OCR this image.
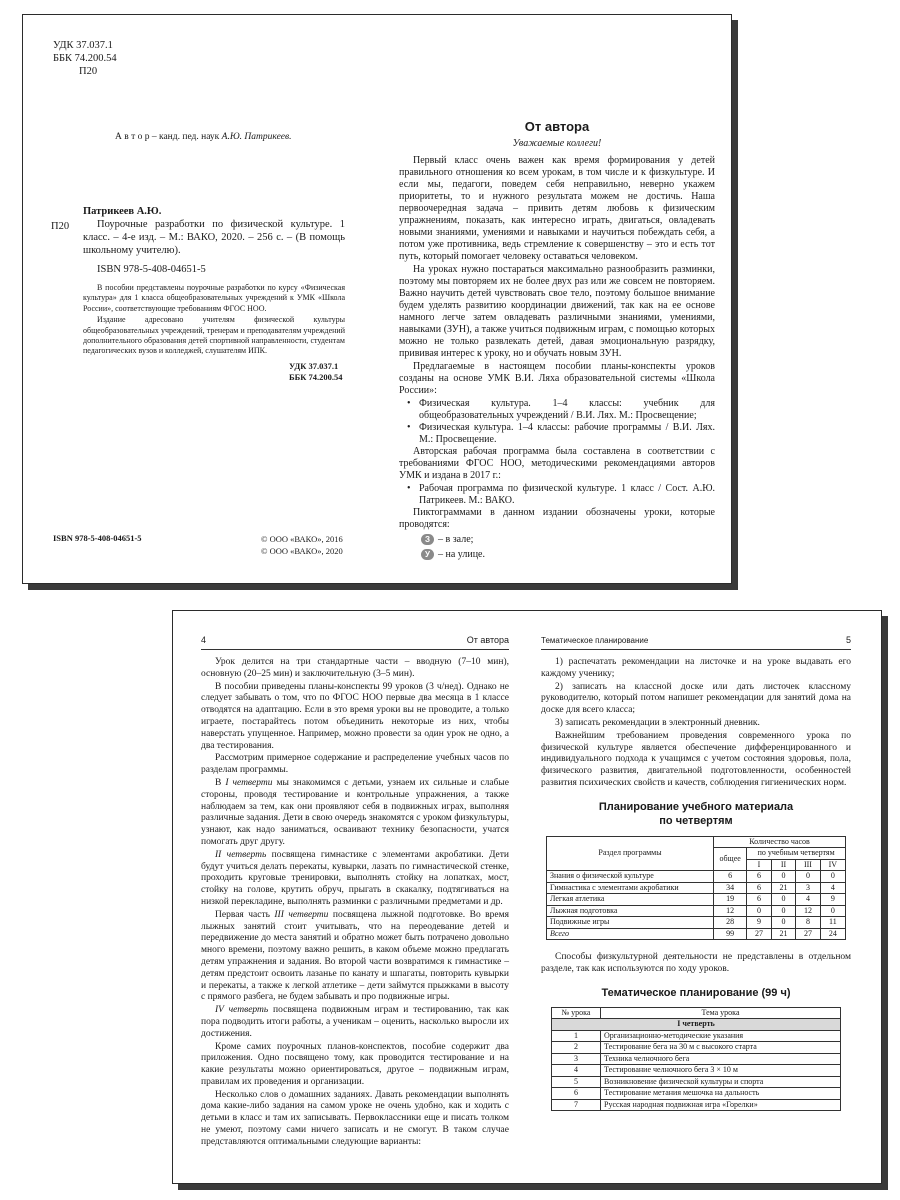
УДК 37.037.1
ББК 74.200.54
П20
А в т о р – канд. пед. наук А.Ю. Патрикеев.
П20
Патрикеев А.Ю.
Поурочные разработки по физической культуре. 1 класс. – 4-е изд. – М.: ВАКО, 2020. – 256 с. – (В помощь школьному учителю).
ISBN 978-5-408-04651-5
В пособии представлены поурочные разработки по курсу «Физическая культура» для 1 класса общеобразовательных учреждений к УМК «Школа России», соответствующие требованиям ФГОС НОО.
Издание адресовано учителям физической культуры общеобразовательных учреждений, тренерам и преподавателям учреждений дополнительного образования детей спортивной направленности, студентам педагогических вузов и колледжей, слушателям ИПК.
УДК 37.037.1
ББК 74.200.54
ISBN 978-5-408-04651-5	© ООО «ВАКО», 2016
© ООО «ВАКО», 2020
От автора
Уважаемые коллеги!

Первый класс очень важен как время формирования у детей правильного отношения ко всем урокам, в том числе и к физкультуре. И если мы, педагоги, поведем себя неправильно, неверно укажем приоритеты, то и нужного результата можем не достичь. Наша первоочередная задача – привить детям любовь к физическим упражнениям, показать, как интересно играть, двигаться, овладевать новыми знаниями, умениями и навыками и научиться побеждать себя, а потом уже противника, ведь стремление к совершенству – это и есть тот путь, который помогает человеку оставаться человеком.

На уроках нужно постараться максимально разнообразить разминки, поэтому мы повторяем их не более двух раз или же совсем не повторяем. Важно научить детей чувствовать свое тело, поэтому большое внимание будем уделять развитию координации движений, так как на ее основе намного легче затем овладевать различными знаниями, умениями, навыками (ЗУН), а также учиться подвижным играм, с помощью которых можно не только развлекать детей, давая эмоциональную разрядку, прививая интерес к уроку, но и обучать новым ЗУН.

Предлагаемые в настоящем пособии планы-конспекты уроков созданы на основе УМК В.И. Ляха образовательной системы «Школа России»:

• Физическая культура. 1–4 классы: учебник для общеобразовательных учреждений / В.И. Лях. М.: Просвещение;

• Физическая культура. 1–4 классы: рабочие программы / В.И. Лях. М.: Просвещение.

Авторская рабочая программа была составлена в соответствии с требованиями ФГОС НОО, методическими рекомендациями авторов УМК и издана в 2017 г.:

• Рабочая программа по физической культуре. 1 класс / Сост. А.Ю. Патрикеев. М.: ВАКО.

Пиктограммами в данном издании обозначены уроки, которые проводятся:

З – в зале;
У – на улице.
4	От автора

Урок делится на три стандартные части – вводную (7–10 мин), основную (20–25 мин) и заключительную (3–5 мин).

В пособии приведены планы-конспекты 99 уроков (3 ч/нед). Однако не следует забывать о том, что по ФГОС НОО первые два месяца в 1 классе отводятся на адаптацию. Если в это время уроки вы не проводите, а только играете, постарайтесь потом объединить некоторые из них, чтобы наверстать упущенное. Например, можно провести за один урок не одно, а два тестирования.

Рассмотрим примерное содержание и распределение учебных часов по разделам программы.

В I четверти мы знакомимся с детьми, узнаем их сильные и слабые стороны, проводя тестирование и контрольные упражнения, а также наблюдаем за тем, как они проявляют себя в подвижных играх, выполняя различные задания. Дети в свою очередь знакомятся с уроком физкультуры, узнают, как надо заниматься, осваивают технику безопасности, учатся помогать друг другу.

II четверть посвящена гимнастике с элементами акробатики. Дети будут учиться делать перекаты, кувырки, лазать по гимнастической стенке, проходить круговые тренировки, выполнять стойку на лопатках, мост, стойку на голове, крутить обруч, прыгать в скакалку, подтягиваться на низкой перекладине, выполнять разминки с различными предметами и др.

Первая часть III четверти посвящена лыжной подготовке. Во время лыжных занятий стоит учитывать, что на переодевание детей и передвижение до места занятий и обратно может быть потрачено довольно много времени, поэтому важно решить, в каком объеме можно предлагать детям упражнения и задания. Во второй части возвратимся к гимнастике – детям предстоит освоить лазанье по канату и шпагаты, повторить кувырки и перекаты, а также к легкой атлетике – дети займутся прыжками в высоту с прямого разбега, не будем забывать и про подвижные игры.

IV четверть посвящена подвижным играм и тестированию, так как пора подводить итоги работы, а ученикам – оценить, насколько выросли их достижения.

Кроме самих поурочных планов-конспектов, пособие содержит два приложения. Одно посвящено тому, как проводится тестирование и на какие результаты можно ориентироваться, другое – подвижным играм, правилам их проведения и организации.

Несколько слов о домашних заданиях. Давать рекомендации выполнять дома какие-либо задания на самом уроке не очень удобно, как и ходить с детьми в класс и там их записывать. Первоклассники еще и писать толком не умеют, поэтому сами ничего записать и не смогут. В таком случае представляются оптимальными следующие варианты:

Тематическое планирование	5

1) распечатать рекомендации на листочке и на уроке выдавать его каждому ученику;

2) записать на классной доске или дать листочек классному руководителю, который потом напишет рекомендации для занятий дома на доске для всего класса;

3) записать рекомендации в электронный дневник.

Важнейшим требованием проведения современного урока по физической культуре является обеспечение дифференцированного и индивидуального подхода к учащимся с учетом состояния здоровья, пола, физического развития, двигательной подготовленности, особенностей развития психических свойств и качеств, соблюдения гигиенических норм.

Планирование учебного материала
по четвертям
Раздел программы	Количество часов				
	общее	по учебным четвертям			
		I	II	III	IV
Знания о физической культуре	6	6	0	0	0
Гимнастика с элементами акробатики	34	6	21	3	4
Легкая атлетика	19	6	0	4	9
Лыжная подготовка	12	0	0	12	0
Подвижные игры	28	9	0	8	11
Всего	99	27	21	27	24

Способы физкультурной деятельности не представлены в отдельном разделе, так как используются по ходу уроков.

Тематическое планирование (99 ч)
№ урока	Тема урока
I четверть	
1	Организационно-методические указания
2	Тестирование бега на 30 м с высокого старта
3	Техника челночного бега
4	Тестирование челночного бега 3 × 10 м
5	Возникновение физической культуры и спорта
6	Тестирование метания мешочка на дальность
7	Русская народная подвижная игра «Горелки»
